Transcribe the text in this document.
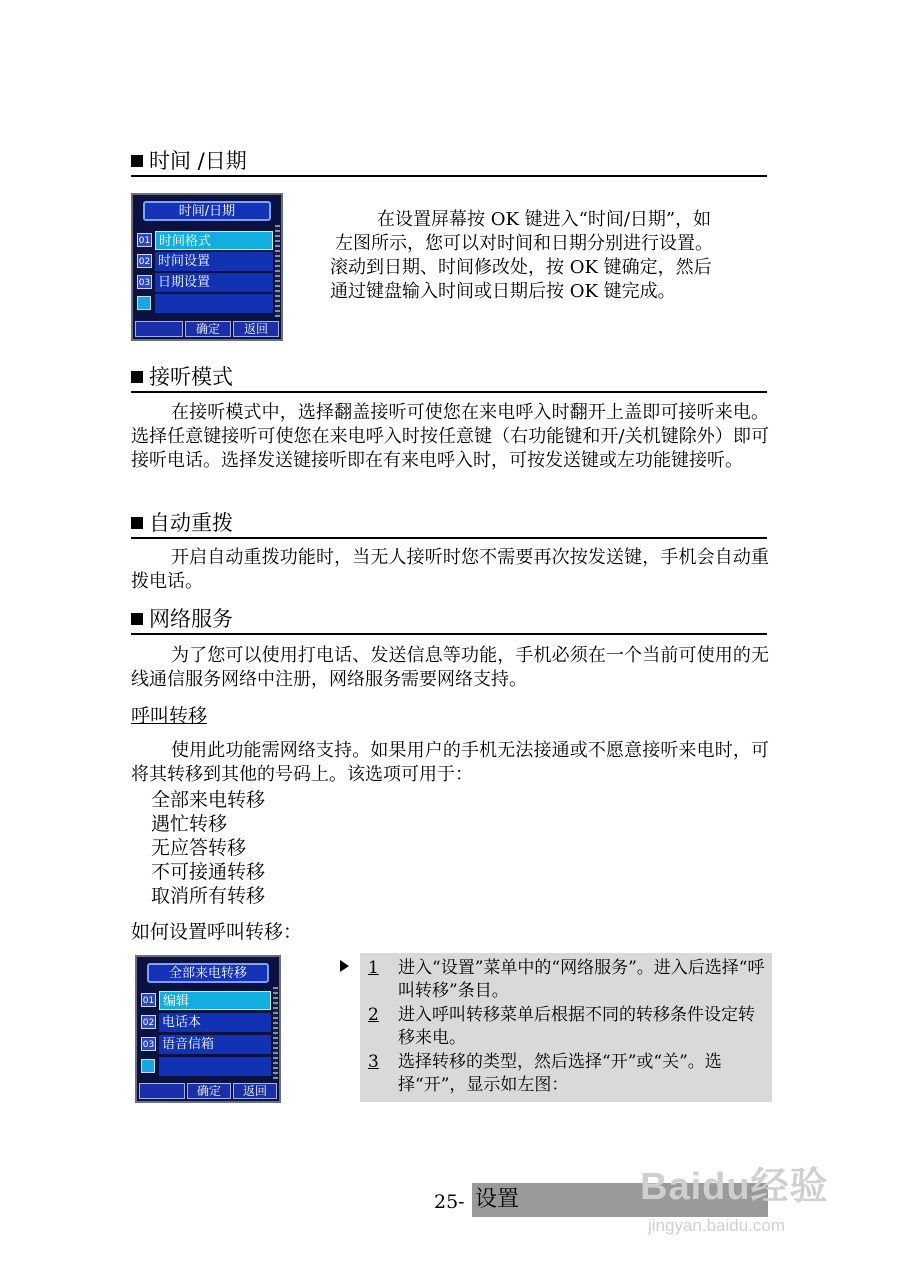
时间 /日期
时间/日期
01 时间格式
02 时间设置
03 日期设置
确定	返回
在设置屏幕按 OK 键进入“时间/日期”，如
左图所示，您可以对时间和日期分别进行设置。
滚动到日期、时间修改处，按 OK 键确定，然后
通过键盘输入时间或日期后按 OK 键完成。
接听模式
在接听模式中，选择翻盖接听可使您在来电呼入时翻开上盖即可接听来电。选择任意键接听可使您在来电呼入时按任意键（右功能键和开/关机键除外）即可接听电话。选择发送键接听即在有来电呼入时，可按发送键或左功能键接听。
自动重拨
开启自动重拨功能时，当无人接听时您不需要再次按发送键，手机会自动重拨电话。
网络服务
为了您可以使用打电话、发送信息等功能，手机必须在一个当前可使用的无线通信服务网络中注册，网络服务需要网络支持。
呼叫转移
使用此功能需网络支持。如果用户的手机无法接通或不愿意接听来电时，可将其转移到其他的号码上。该选项可用于：
全部来电转移
遇忙转移
无应答转移
不可接通转移
取消所有转移
如何设置呼叫转移：
全部来电转移
01 编辑
02 电话本
03 语音信箱
确定	返回
1 进入“设置”菜单中的“网络服务”。进入后选择“呼叫转移”条目。
2 进入呼叫转移菜单后根据不同的转移条件设定转移来电。
3 选择转移的类型，然后选择“开”或“关”。选择“开”，显示如左图：
25- 设置	Baidu经验
jingyan.baidu.com
